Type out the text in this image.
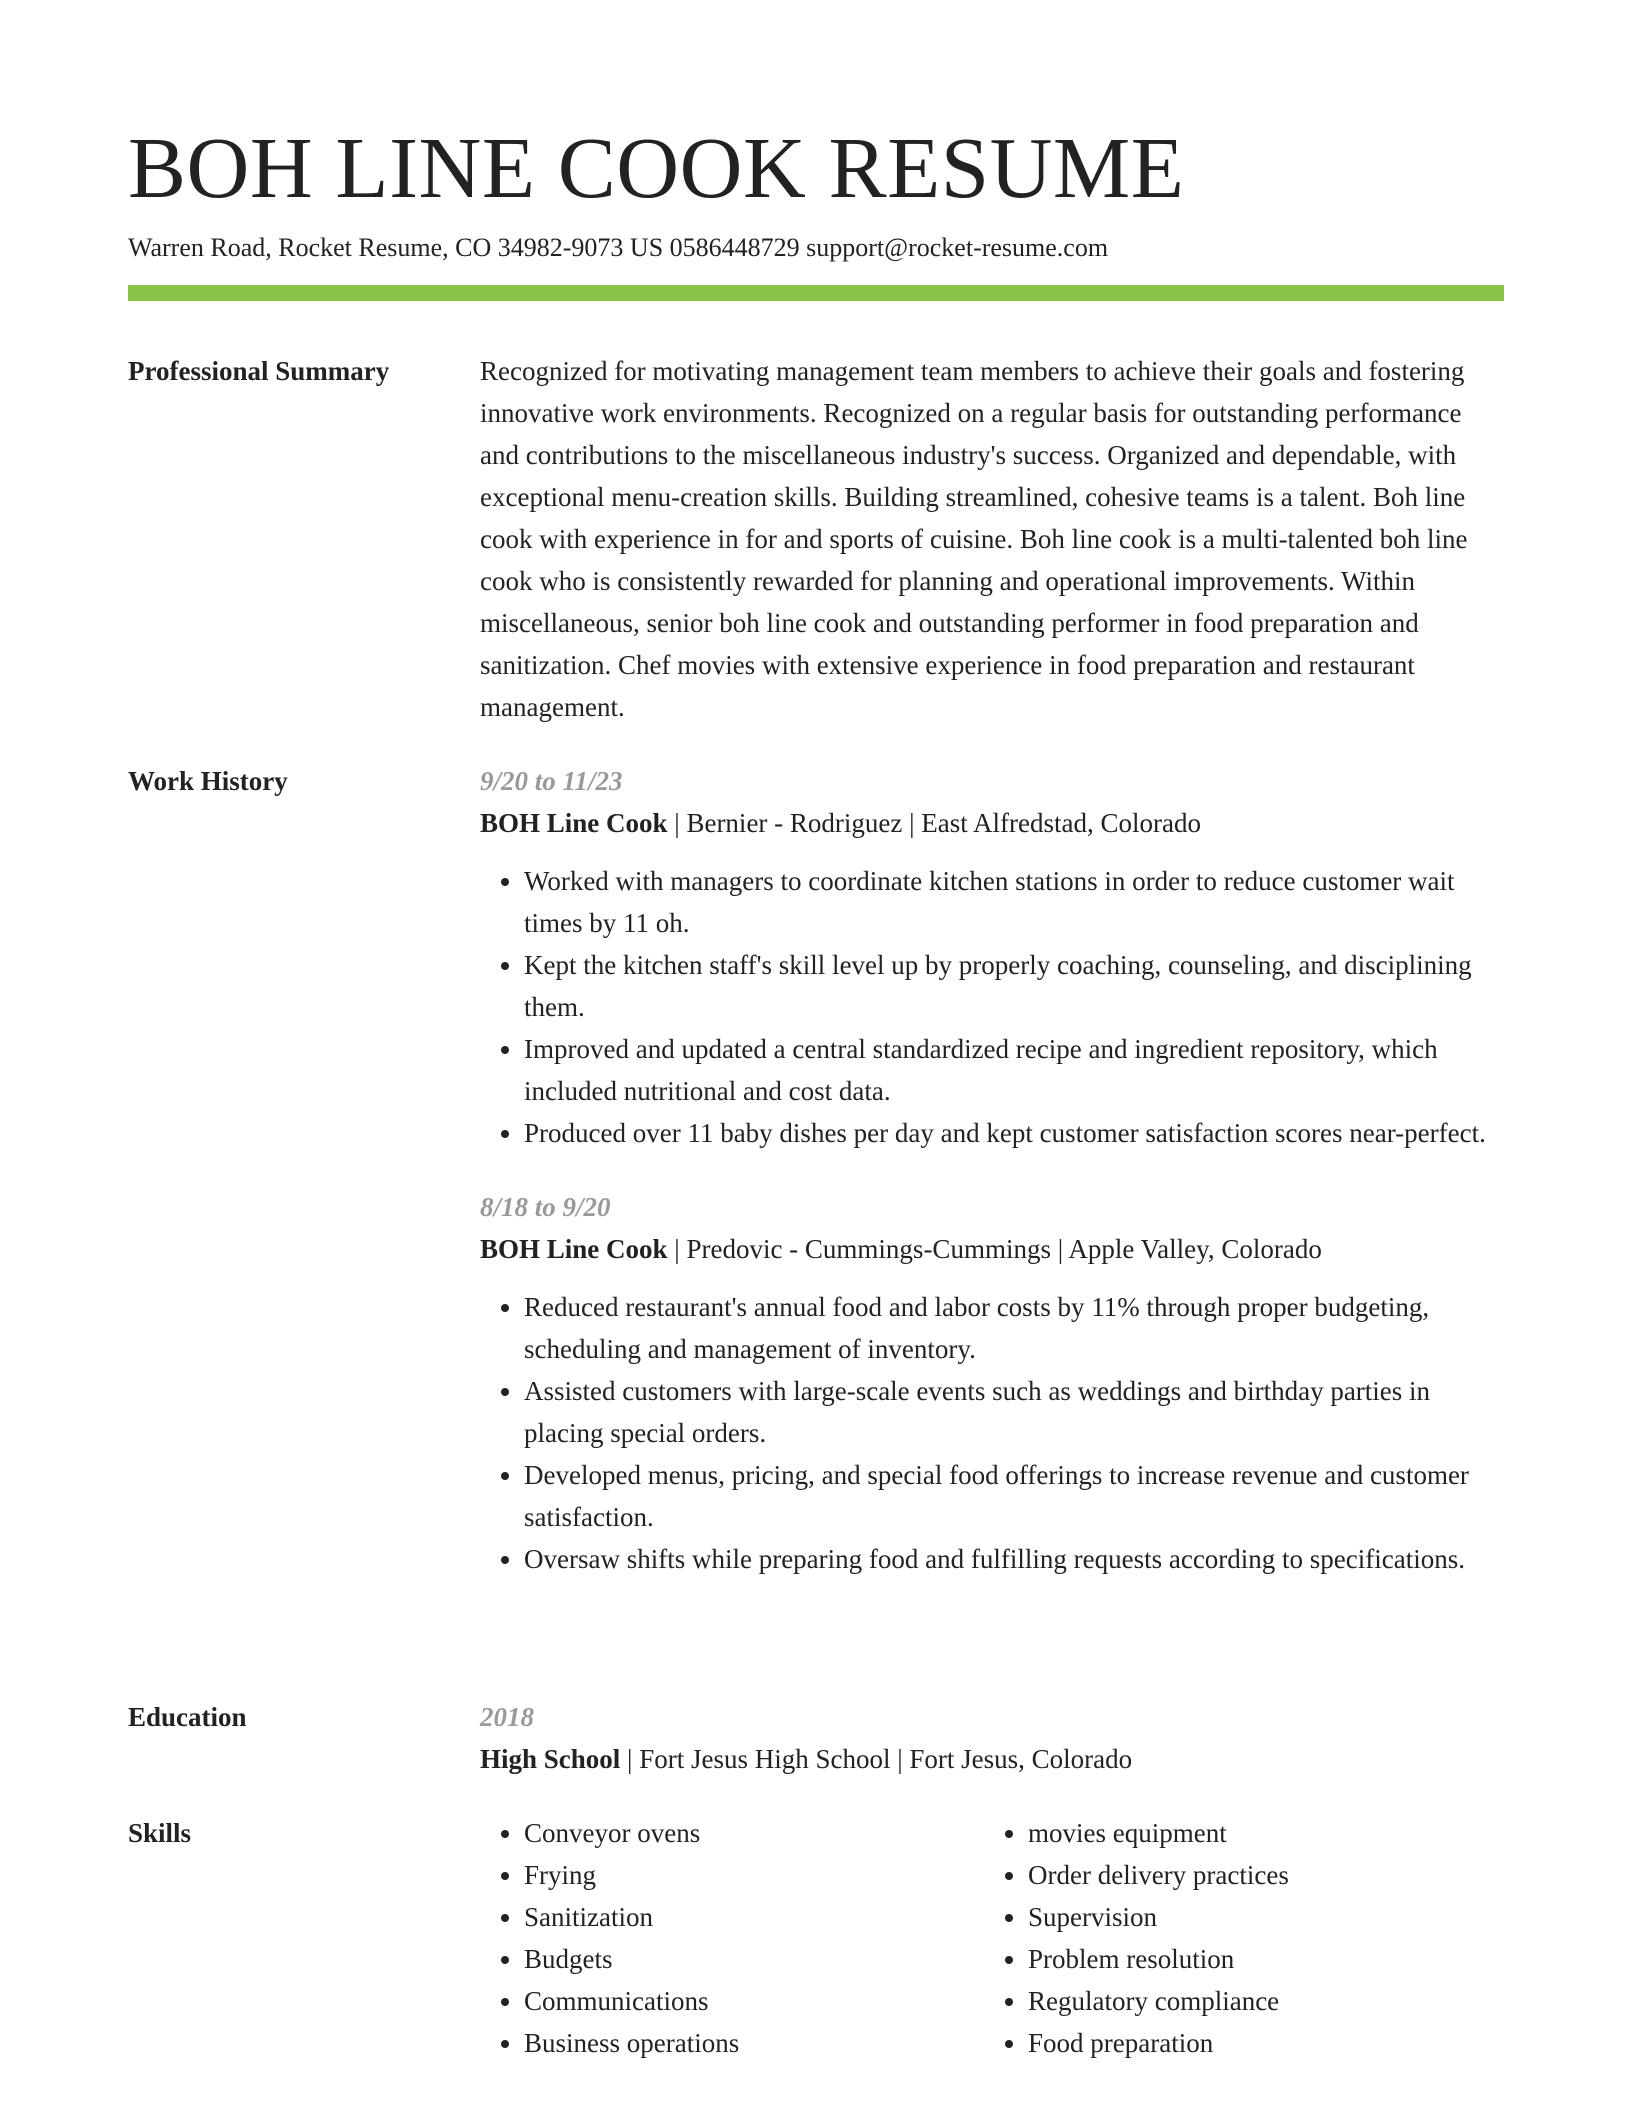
BOH LINE COOK RESUME
Warren Road, Rocket Resume, CO 34982-9073 US 0586448729 support@rocket-resume.com
Professional Summary	Recognized for motivating management team members to achieve their goals and fostering innovative work environments. Recognized on a regular basis for outstanding performance and contributions to the miscellaneous industry's success. Organized and dependable, with exceptional menu-creation skills. Building streamlined, cohesive teams is a talent. Boh line cook with experience in for and sports of cuisine. Boh line cook is a multi-talented boh line cook who is consistently rewarded for planning and operational improvements. Within miscellaneous, senior boh line cook and outstanding performer in food preparation and sanitization. Chef movies with extensive experience in food preparation and restaurant management.

Work History	9/20 to 11/23
BOH Line Cook | Bernier - Rodriguez | East Alfredstad, Colorado
• Worked with managers to coordinate kitchen stations in order to reduce customer wait times by 11 oh.
• Kept the kitchen staff's skill level up by properly coaching, counseling, and disciplining them.
• Improved and updated a central standardized recipe and ingredient repository, which included nutritional and cost data.
• Produced over 11 baby dishes per day and kept customer satisfaction scores near-perfect.
8/18 to 9/20
BOH Line Cook | Predovic - Cummings-Cummings | Apple Valley, Colorado
• Reduced restaurant's annual food and labor costs by 11% through proper budgeting, scheduling and management of inventory.
• Assisted customers with large-scale events such as weddings and birthday parties in placing special orders.
• Developed menus, pricing, and special food offerings to increase revenue and customer satisfaction.
• Oversaw shifts while preparing food and fulfilling requests according to specifications.
Education	2018
High School | Fort Jesus High School | Fort Jesus, Colorado
Skills
•	Conveyor ovens
• Frying
• Sanitization
• Budgets
• Communications
• Business operations
• movies equipment
• Order delivery practices
• Supervision
• Problem resolution
• Regulatory compliance
• Food preparation
